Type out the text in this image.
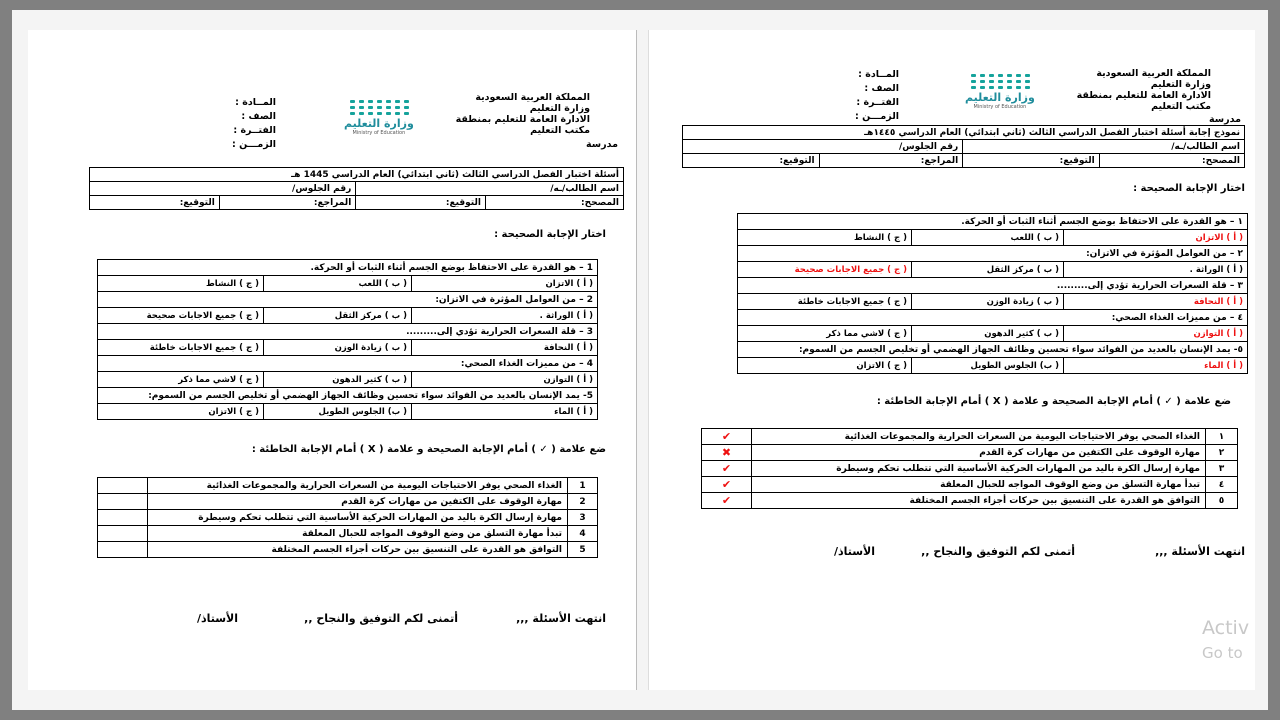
المملكة العربية السعودية
وزارة التعليم
الادارة العامة للتعليم بمنطقة
مكتب التعليم
مدرسة
وزارة التعليم
Ministry of Education
المــادة :
الصف :
الفتــرة :
الزمـــن :
أسئلة اختبار الفصل الدراسي الثالث (ثاني ابتدائي) العام الدراسي 1445 هـ			
اسم الطالب/ـه/		رقم الجلوس/	
المصحح:	التوقيع:	المراجع:	التوقيع:
اختار الإجابة الصحيحة :
1 – هو القدرة على الاحتفاظ بوضع الجسم أثناء الثبات أو الحركة.		
( أ ) الاتزان	( ب ) اللعب	( ج ) النشاط
2 – من العوامل المؤثرة في الاتزان:		
( أ ) الوراثة .	( ب ) مركز الثقل	( ج ) جميع الاجابات صحيحة
3 – قلة السعرات الحرارية تؤدي إلى.........		
( أ ) النحافة	( ب ) زيادة الوزن	( ج ) جميع الاجابات خاطئة
4 – من مميزات الغذاء الصحي:		
( أ ) التوازن	( ب ) كثير الدهون	( ج ) لاشي مما ذكر
5- يمد الإنسان بالعديد من الفوائد سواء تحسين وظائف الجهاز الهضمي أو تخليص الجسم من السموم:		
( أ ) الماء	( ب) الجلوس الطويل	( ج ) الاتزان
ضع علامة ( ✓ ) أمام الإجابة الصحيحة و علامة ( X ) أمام الإجابة الخاطئة :
1	الغذاء الصحي يوفر الاحتياجات اليومية من السعرات الحرارية والمجموعات الغذائية	
2	مهارة الوقوف على الكتفين من مهارات كرة القدم	
3	مهارة إرسال الكرة باليد من المهارات الحركية الأساسية التي تتطلب تحكم وسيطرة	
4	تبدأ مهارة التسلق من وضع الوقوف المواجه للحبال المعلقة	
5	التوافق هو القدرة على التنسيق بين حركات أجزاء الجسم المختلفة	
انتهت الأسئلة ,,,
أتمنى لكم التوفيق والنجاح ,,
الأستاذ/
المملكة العربية السعودية
وزارة التعليم
الادارة العامة للتعليم بمنطقة
مكتب التعليم
مدرسة
وزارة التعليم
Ministry of Education
المــادة :
الصف :
الفتــرة :
الزمـــن :
نموذج إجابة أسئلة اختبار الفصل الدراسي الثالث (ثاني ابتدائي) العام الدراسي ١٤٤٥هـ			
اسم الطالب/ـه/		رقم الجلوس/	
المصحح:	التوقيع:	المراجع:	التوقيع:
اختار الإجابة الصحيحة :
١ – هو القدرة على الاحتفاظ بوضع الجسم أثناء الثبات أو الحركة.		
( أ ) الاتزان	( ب ) اللعب	( ج ) النشاط
٢ – من العوامل المؤثرة في الاتزان:		
( أ ) الوراثة .	( ب ) مركز الثقل	( ج ) جميع الاجابات صحيحة
٣ – قلة السعرات الحرارية تؤدي إلى.........		
( أ ) النحافة	( ب ) زيادة الوزن	( ج ) جميع الاجابات خاطئة
٤ – من مميزات الغذاء الصحي:		
( أ ) التوازن	( ب ) كثير الدهون	( ج ) لاشي مما ذكر
٥- يمد الإنسان بالعديد من الفوائد سواء تحسين وظائف الجهاز الهضمي أو تخليص الجسم من السموم:		
( أ ) الماء	( ب) الجلوس الطويل	( ج ) الاتزان
ضع علامة ( ✓ ) أمام الإجابة الصحيحة و علامة ( X ) أمام الإجابة الخاطئة :
١	الغذاء الصحي يوفر الاحتياجات اليومية من السعرات الحرارية والمجموعات الغذائية	✔
٢	مهارة الوقوف على الكتفين من مهارات كرة القدم	✖
٣	مهارة إرسال الكرة باليد من المهارات الحركية الأساسية التي تتطلب تحكم وسيطرة	✔
٤	تبدأ مهارة التسلق من وضع الوقوف المواجه للحبال المعلقة	✔
٥	التوافق هو القدرة على التنسيق بين حركات أجزاء الجسم المختلفة	✔
انتهت الأسئلة ,,,
أتمنى لكم التوفيق والنجاح ,,
الأستاذ/
Activ
Go to
